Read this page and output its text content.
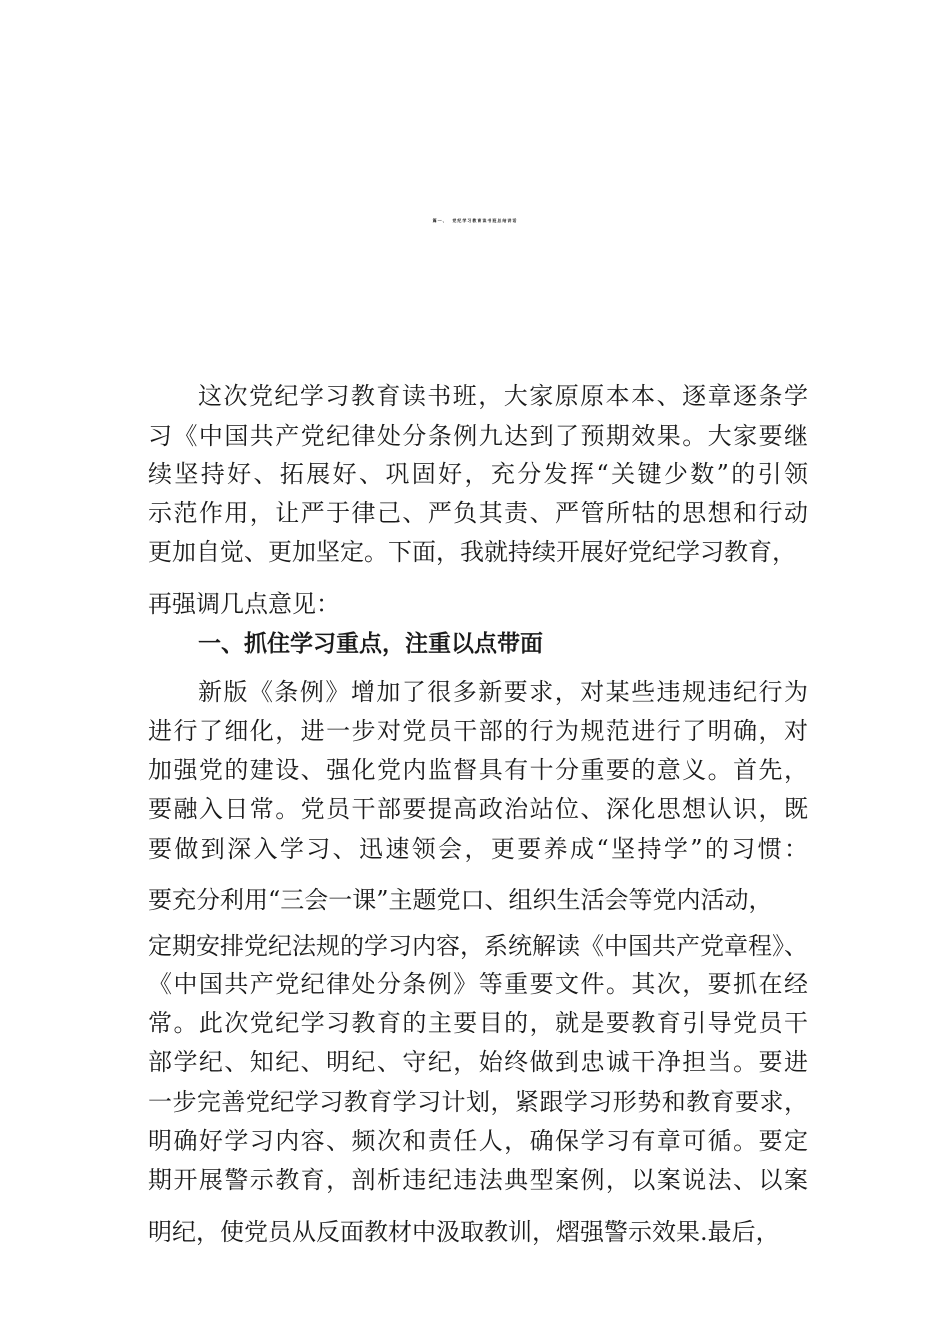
篇一、  党纪学习教育读书班总结讲话

这次党纪学习教育读书班，大家原原本本、逐章逐条学

习《中国共产党纪律处分条例九达到了预期效果。大家要继

续坚持好、拓展好、巩固好，充分发挥“关键少数”的引领

示范作用，让严于律己、严负其责、严管所牯的思想和行动

更加自觉、更加坚定。下面，我就持续开展好党纪学习教育，

再强调几点意见：

一、抓住学习重点，注重以点带面

新版《条例》增加了很多新要求，对某些违规违纪行为

进行了细化，进一步对党员干部的行为规范进行了明确，对

加强党的建设、强化党内监督具有十分重要的意义。首先，

要融入日常。党员干部要提高政治站位、深化思想认识，既

要做到深入学习、迅速领会，更要养成“坚持学”的习惯：

要充分利用“三会一课”主题党口、组织生活会等党内活动，

定期安排党纪法规的学习内容，系统解读《中国共产党章程》、

《中国共产党纪律处分条例》等重要文件。其次，要抓在经

常。此次党纪学习教育的主要目的，就是要教育引导党员干

部学纪、知纪、明纪、守纪，始终做到忠诚干净担当。要进

一步完善党纪学习教育学习计划，紧跟学习形势和教育要求，

明确好学习内容、频次和责任人，确保学习有章可循。要定

期开展警示教育，剖析违纪违法典型案例，以案说法、以案

明纪，使党员从反面教材中汲取教训，熠强警示效果.最后，
